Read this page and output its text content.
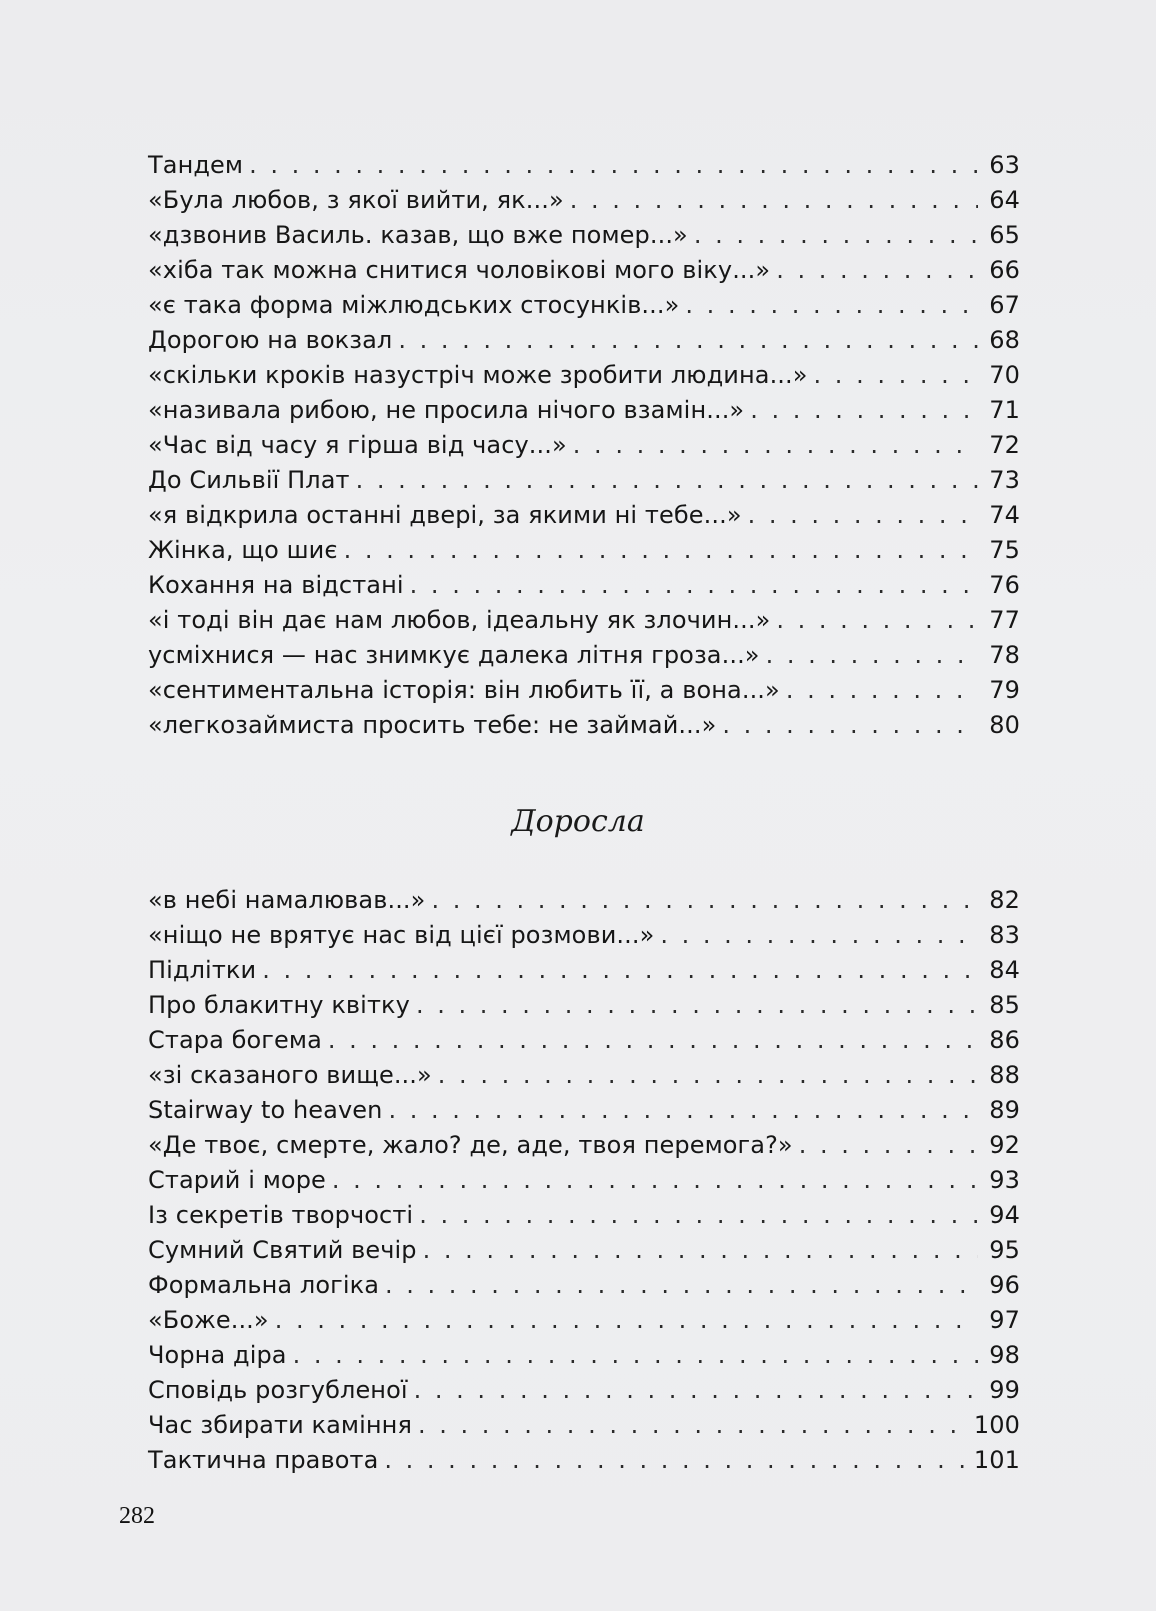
Тандем . . .	63
«Була любов, з якої вийти, як...» . . .	64
«дзвонив Василь. казав, що вже помер...» . . .	65
«хіба так можна снитися чоловікові мого віку...» . . .	66
«є така форма міжлюдських стосунків...» . . .	67
Дорогою на вокзал . . .	68
«скільки кроків назустріч може зробити людина...» . . .	70
«називала рибою, не просила нічого взамін...» . . .	71
«Час від часу я гірша від часу...» . . .	72
До Сильвії Плат . . .	73
«я відкрила останні двері, за якими ні тебе...» . . .	74
Жінка, що шиє . . .	75
Кохання на відстані . . .	76
«і тоді він дає нам любов, ідеальну як злочин...» . . .	77
усміхнися — нас знимкує далека літня гроза...» . . .	78
«сентиментальна історія: він любить її, а вона...» . . .	79
«легкозаймиста просить тебе: не займай...» . . .	80
Доросла
«в небі намалював...» . . .	82
«ніщо не врятує нас від цієї розмови...» . . .	83
Підлітки . . .	84
Про блакитну квітку . . .	85
Стара богема . . .	86
«зі сказаного вище...» . . .	88
Stairway to heaven . . .	89
«Де твоє, смерте, жало? де, аде, твоя перемога?» . . .	92
Старий і море . . .	93
Із секретів творчості . . .	94
Сумний Святий вечір . . .	95
Формальна логіка . . .	96
«Боже...» . . .	97
Чорна діра . . .	98
Сповідь розгубленої . . .	99
Час збирати каміння . . .	100
Тактична правота . . .	101
282
